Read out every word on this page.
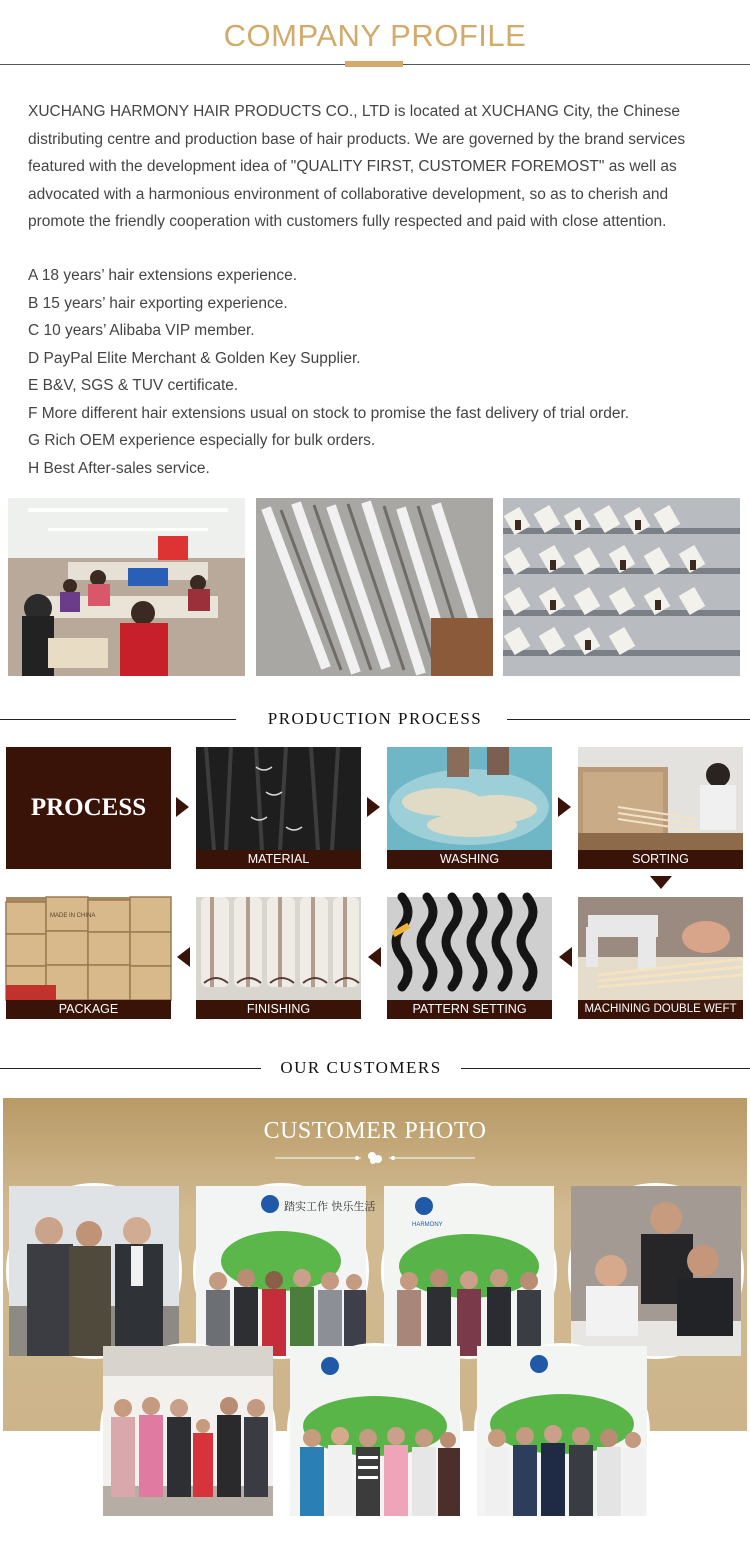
COMPANY PROFILE
XUCHANG HARMONY HAIR PRODUCTS CO., LTD is located at XUCHANG City, the Chinese
distributing centre and production base of hair products. We are governed by the brand services
featured with the development idea of "QUALITY FIRST, CUSTOMER FOREMOST" as well as
advocated with a harmonious environment of collaborative development, so as to cherish and
promote the friendly cooperation with customers fully respected and paid with close attention.
A 18 years’ hair extensions experience.
B 15 years’ hair exporting experience.
C 10 years’ Alibaba VIP member.
D PayPal Elite Merchant & Golden Key Supplier.
E B&V, SGS & TUV certificate.
F More different hair extensions usual on stock to promise the fast delivery of trial order.
G Rich OEM experience especially for bulk orders.
H Best After-sales service.
PRODUCTION PROCESS
PROCESS
MATERIAL	WASHING	SORTING
MADE IN CHINA
PACKAGE	FINISHING	PATTERN SETTING	MACHINING DOUBLE WEFT
OUR CUSTOMERS
CUSTOMER PHOTO
踏实工作 快乐生活
HARMONY
